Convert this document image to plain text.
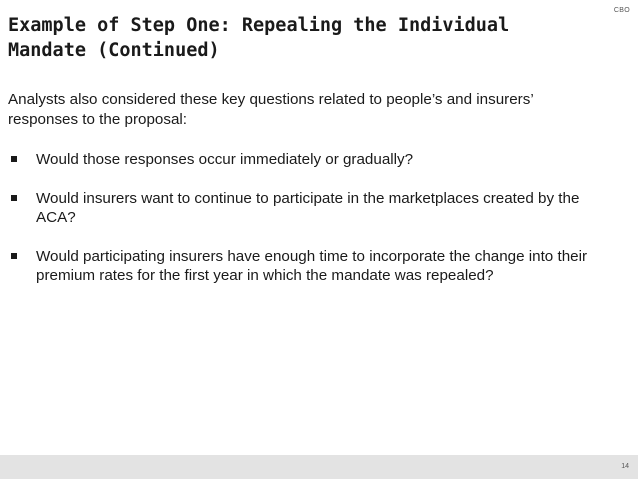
CBO
Example of Step One: Repealing the Individual Mandate (Continued)

Analysts also considered these key questions related to people’s and insurers’ responses to the proposal:

Would those responses occur immediately or gradually?
Would insurers want to continue to participate in the marketplaces created by the ACA?
Would participating insurers have enough time to incorporate the change into their premium rates for the first year in which the mandate was repealed?
14
